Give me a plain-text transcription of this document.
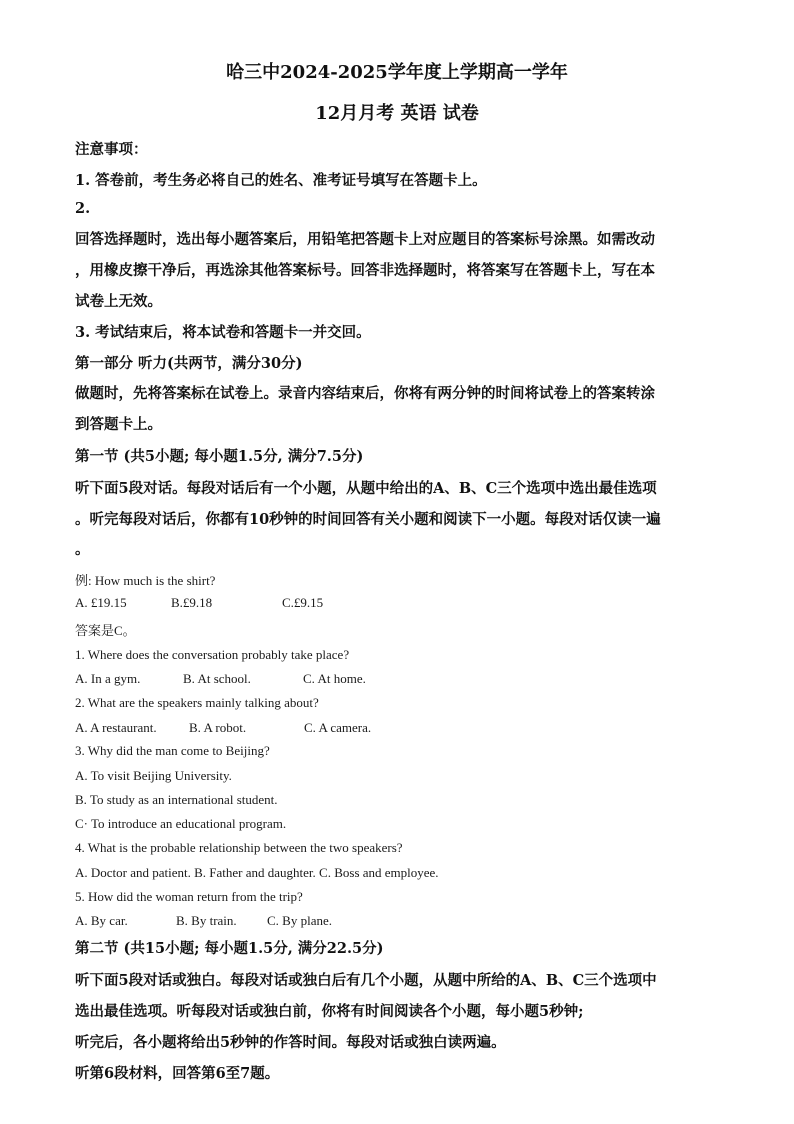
哈三中2024-2025学年度上学期高一学年
12月月考 英语 试卷
注意事项：
1. 答卷前，考生务必将自己的姓名、准考证号填写在答题卡上。
2.
回答选择题时，选出每小题答案后，用铅笔把答题卡上对应题目的答案标号涂黑。如需改动
，用橡皮擦干净后，再选涂其他答案标号。回答非选择题时，将答案写在答题卡上，写在本
试卷上无效。
3. 考试结束后，将本试卷和答题卡一并交回。
第一部分 听力(共两节，满分30分)
做题时，先将答案标在试卷上。录音内容结束后，你将有两分钟的时间将试卷上的答案转涂
到答题卡上。
第一节 (共5小题; 每小题1.5分, 满分7.5分)
听下面5段对话。每段对话后有一个小题，从题中给出的A、B、C三个选项中选出最佳选项
。听完每段对话后，你都有10秒钟的时间回答有关小题和阅读下一小题。每段对话仅读一遍
。
例: How much is the shirt?
A. £19.15	B.£9.18	C.£9.15
答案是C。
1. Where does the conversation probably take place?
A. In a gym.	B. At school.	C. At home.
2. What are the speakers mainly talking about?
A. A restaurant. B. A robot.	C. A camera.
3. Why did the man come to Beijing?
A. To visit Beijing University.
B. To study as an international student.
C· To introduce an educational program.
4. What is the probable relationship between the two speakers?
A. Doctor and patient. B. Father and daughter. C. Boss and employee.
5. How did the woman return from the trip?
A. By car.	B. By train. C. By plane.
第二节 (共15小题; 每小题1.5分, 满分22.5分)
听下面5段对话或独白。每段对话或独白后有几个小题，从题中所给的A、B、C三个选项中
选出最佳选项。听每段对话或独白前，你将有时间阅读各个小题，每小题5秒钟;
听完后，各小题将给出5秒钟的作答时间。每段对话或独白读两遍。
听第6段材料，回答第6至7题。
